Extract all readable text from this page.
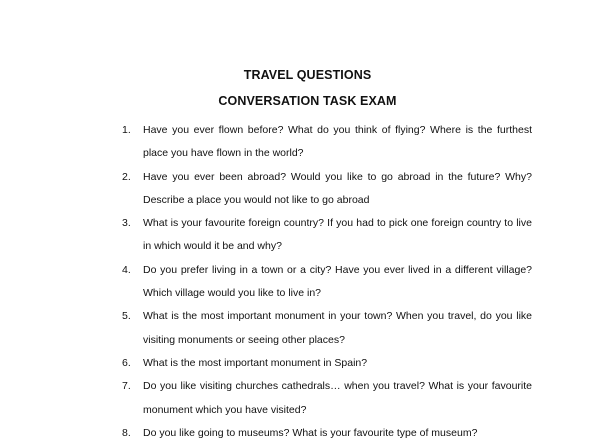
TRAVEL QUESTIONS
CONVERSATION TASK EXAM
1.	Have you ever flown before? What do you think of flying? Where is the furthest place you have flown in the world?
2.	Have you ever been abroad? Would you like to go abroad in the future? Why? Describe a place you would not like to go abroad
3.	What is your favourite foreign country? If you had to pick one foreign country to live in which would it be and why?
4.	Do you prefer living in a town or a city? Have you ever lived in a different village? Which village would you like to live in?
5.	What is the most important monument in your town? When you travel, do you like visiting monuments or seeing other places?
6.	What is the most important monument in Spain?
7.	Do you like visiting churches cathedrals… when you travel? What is your favourite monument which you have visited?
8.	Do you like going to museums? What is your favourite type of museum?
